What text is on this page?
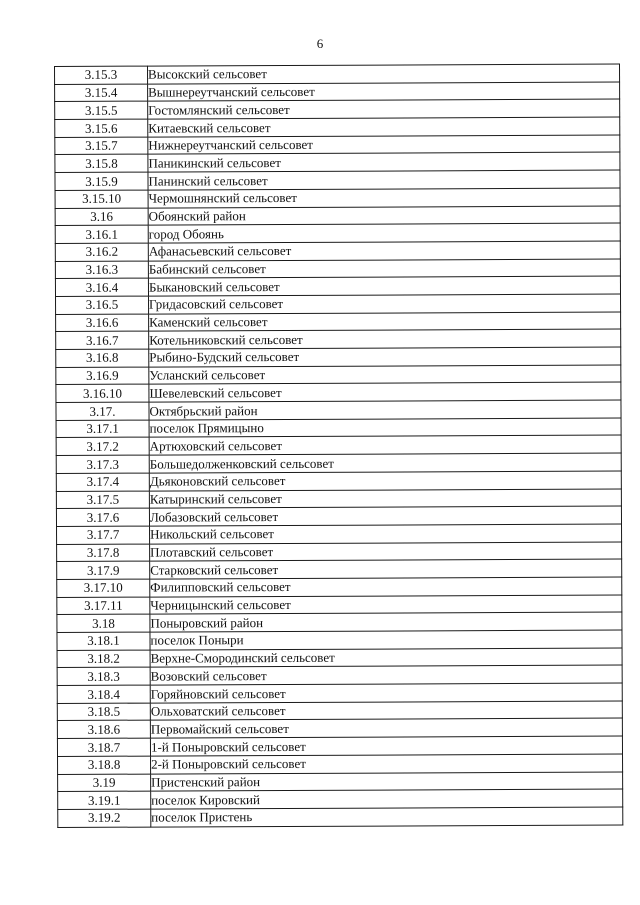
6
3.15.3	Высокский сельсовет
3.15.4	Вышнереутчанский сельсовет
3.15.5	Гостомлянский сельсовет
3.15.6	Китаевский сельсовет
3.15.7	Нижнереутчанский сельсовет
3.15.8	Паникинский сельсовет
3.15.9	Панинский сельсовет
3.15.10	Чермошнянский сельсовет
3.16	Обоянский район
3.16.1	город Обоянь
3.16.2	Афанасьевский сельсовет
3.16.3	Бабинский сельсовет
3.16.4	Быкановский сельсовет
3.16.5	Гридасовский сельсовет
3.16.6	Каменский сельсовет
3.16.7	Котельниковский сельсовет
3.16.8	Рыбино-Будский сельсовет
3.16.9	Усланский сельсовет
3.16.10	Шевелевский сельсовет
3.17.	Октябрьский район
3.17.1	поселок Прямицыно
3.17.2	Артюховский сельсовет
3.17.3	Большедолженковский сельсовет
3.17.4	Дьяконовский сельсовет
3.17.5	Катыринский сельсовет
3.17.6	Лобазовский сельсовет
3.17.7	Никольский сельсовет
3.17.8	Плотавский сельсовет
3.17.9	Старковский сельсовет
3.17.10	Филипповский сельсовет
3.17.11	Черницынский сельсовет
3.18	Поныровский район
3.18.1	поселок Поныри
3.18.2	Верхне-Смородинский сельсовет
3.18.3	Возовский сельсовет
3.18.4	Горяйновский сельсовет
3.18.5	Ольховатский сельсовет
3.18.6	Первомайский сельсовет
3.18.7	1-й Поныровский сельсовет
3.18.8	2-й Поныровский сельсовет
3.19	Пристенский район
3.19.1	поселок Кировский
3.19.2	поселок Пристень
